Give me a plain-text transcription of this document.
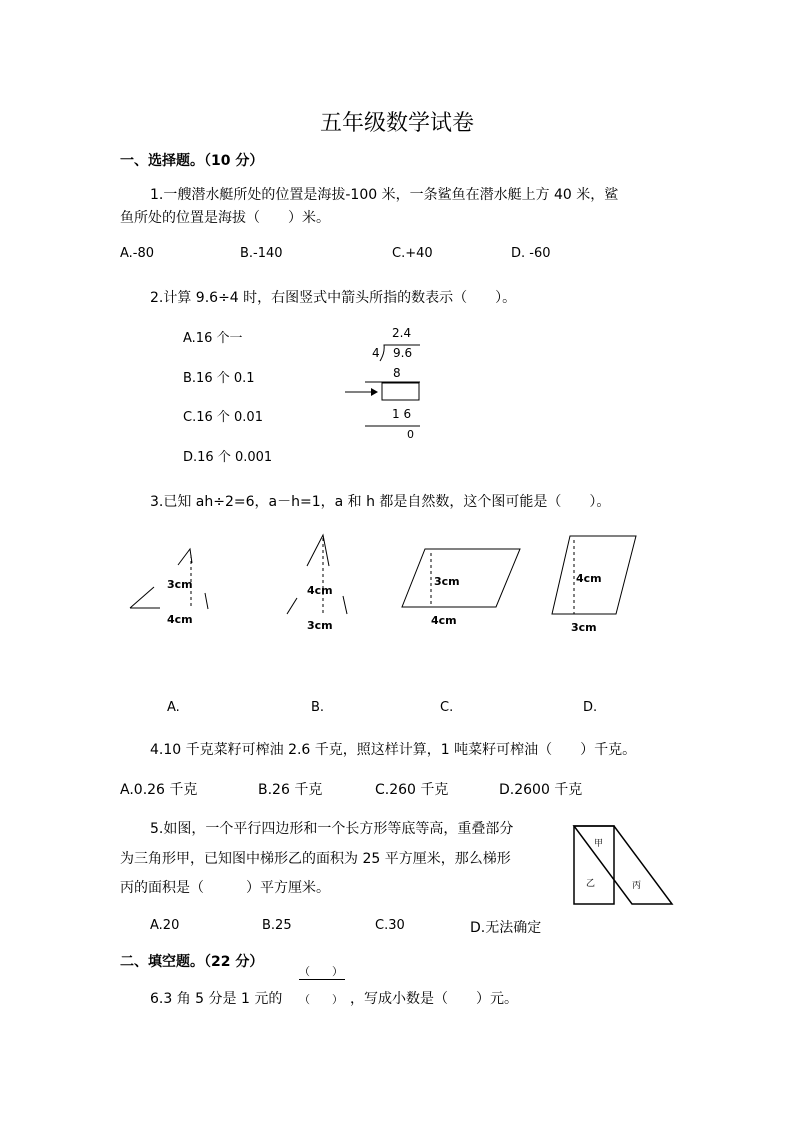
五年级数学试卷
一、选择题。（10 分）
1.一艘潜水艇所处的位置是海拔-100 米，一条鲨鱼在潜水艇上方 40 米，鲨
鱼所处的位置是海拔（　　）米。
A.-80	B.-140	C.+40	D. -60
2.计算 9.6÷4 时，右图竖式中箭头所指的数表示（　　）。
A.16 个一
B.16 个 0.1
C.16 个 0.01
D.16 个 0.001
2.4
4 9.6
8
1 6
0
3.已知 ah÷2=6，a－h=1，a 和 h 都是自然数，这个图可能是（　　）。
3cm
4cm
4cm
3cm
3cm
4cm
4cm
3cm
A.	B.	C.	D.
4.10 千克菜籽可榨油 2.6 千克，照这样计算，1 吨菜籽可榨油（　　）千克。
A.0.26 千克	B.26 千克	C.260 千克	D.2600 千克
5.如图，一个平行四边形和一个长方形等底等高，重叠部分
为三角形甲，已知图中梯形乙的面积为 25 平方厘米，那么梯形
丙的面积是（　　　）平方厘米。
甲
乙	丙
A.20	B.25	C.30	D.无法确定
二、填空题。（22 分）
6.3 角 5 分是 1 元的
（　　）
（　　） ，写成小数是（　　）元。
